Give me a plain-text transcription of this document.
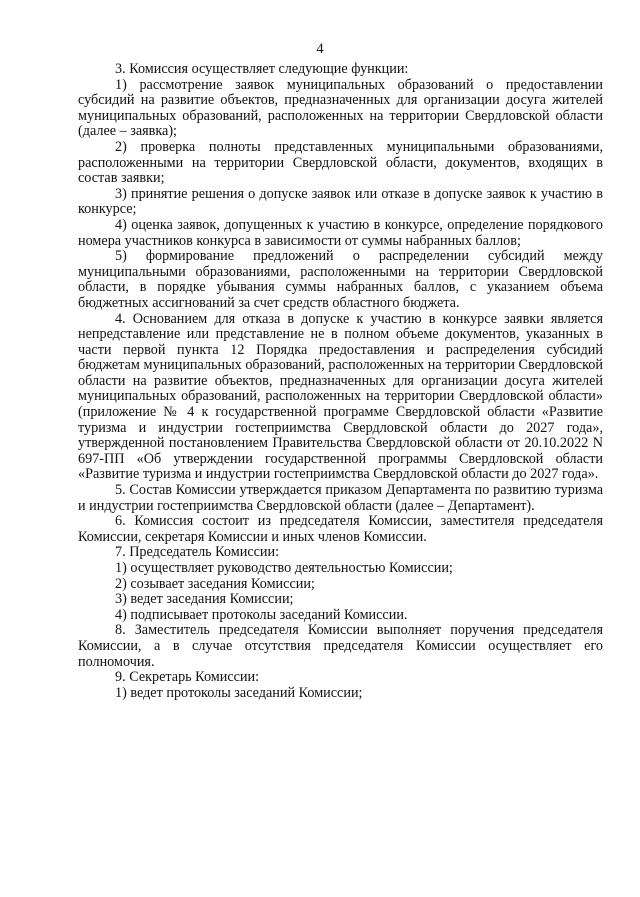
4

3. Комиссия осуществляет следующие функции:

1) рассмотрение заявок муниципальных образований о предоставлении субсидий на развитие объектов, предназначенных для организации досуга жителей муниципальных образований, расположенных на территории Свердловской области (далее – заявка);

2) проверка полноты представленных муниципальными образованиями, расположенными на территории Свердловской области, документов, входящих в состав заявки;

3) принятие решения о допуске заявок или отказе в допуске заявок к участию в конкурсе;

4) оценка заявок, допущенных к участию в конкурсе, определение порядкового номера участников конкурса в зависимости от суммы набранных баллов;

5) формирование предложений о распределении субсидий между муниципальными образованиями, расположенными на территории Свердловской области, в порядке убывания суммы набранных баллов, с указанием объема бюджетных ассигнований за счет средств областного бюджета.

4. Основанием для отказа в допуске к участию в конкурсе заявки является непредставление или представление не в полном объеме документов, указанных в части первой пункта 12 Порядка предоставления и распределения субсидий бюджетам муниципальных образований, расположенных на территории Свердловской области на развитие объектов, предназначенных для организации досуга жителей муниципальных образований, расположенных на территории Свердловской области» (приложение № 4 к государственной программе Свердловской области «Развитие туризма и индустрии гостеприимства Свердловской области до 2027 года», утвержденной постановлением Правительства Свердловской области от 20.10.2022 N 697-ПП «Об утверждении государственной программы Свердловской области «Развитие туризма и индустрии гостеприимства Свердловской области до 2027 года».

5. Состав Комиссии утверждается приказом Департамента по развитию туризма и индустрии гостеприимства Свердловской области (далее – Департамент).

6. Комиссия состоит из председателя Комиссии, заместителя председателя Комиссии, секретаря Комиссии и иных членов Комиссии.

7. Председатель Комиссии:

1) осуществляет руководство деятельностью Комиссии;

2) созывает заседания Комиссии;

3) ведет заседания Комиссии;

4) подписывает протоколы заседаний Комиссии.

8. Заместитель председателя Комиссии выполняет поручения председателя Комиссии, а в случае отсутствия председателя Комиссии осуществляет его полномочия.

9. Секретарь Комиссии:

1) ведет протоколы заседаний Комиссии;
